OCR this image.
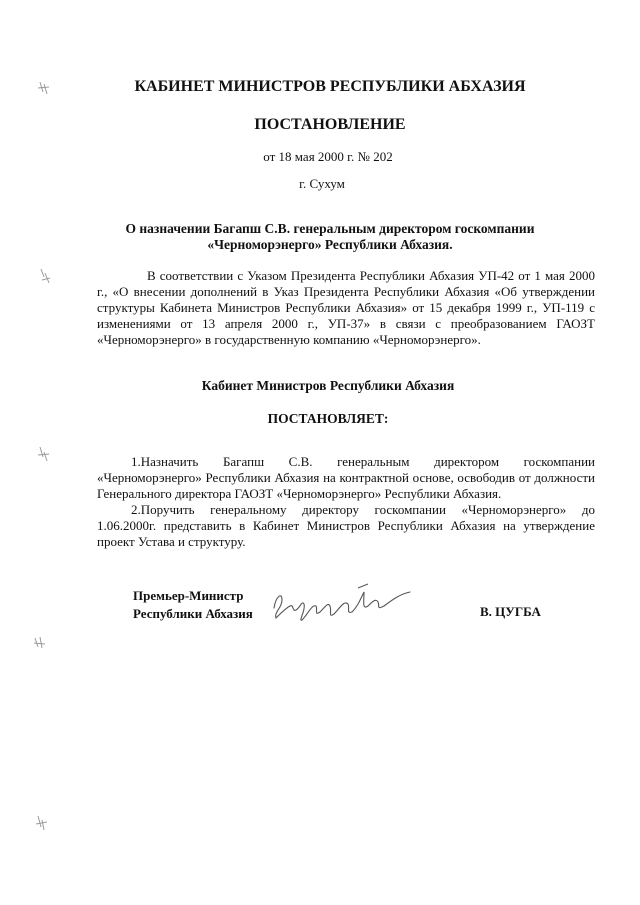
КАБИНЕТ МИНИСТРОВ РЕСПУБЛИКИ АБХАЗИЯ
ПОСТАНОВЛЕНИЕ
от 18 мая 2000 г. № 202
г. Сухум
О назначении Багапш С.В. генеральным директором госкомпании
«Черноморэнерго» Республики Абхазия.
В соответствии с Указом Президента Республики Абхазия УП-42 от 1 мая 2000 г., «О внесении дополнений в Указ Президента Республики Абхазия «Об утверждении структуры Кабинета Министров Республики Абхазия» от 15 декабря 1999 г., УП-119 с изменениями от 13 апреля 2000 г., УП-37» в связи с преобразованием ГАОЗТ «Черноморэнерго» в государственную компанию «Черноморэнерго».
Кабинет Министров Республики Абхазия
ПОСТАНОВЛЯЕТ:
1.Назначить Багапш С.В. генеральным директором госкомпании «Черноморэнерго» Республики Абхазия на контрактной основе, освободив от должности Генерального директора ГАОЗТ «Черноморэнерго» Республики Абхазия.
2.Поручить генеральному директору госкомпании «Черноморэнерго» до 1.06.2000г. представить в Кабинет Министров Республики Абхазия на утверждение проект Устава и структуру.
Премьер-Министр
Республики Абхазия	В. ЦУГБА
